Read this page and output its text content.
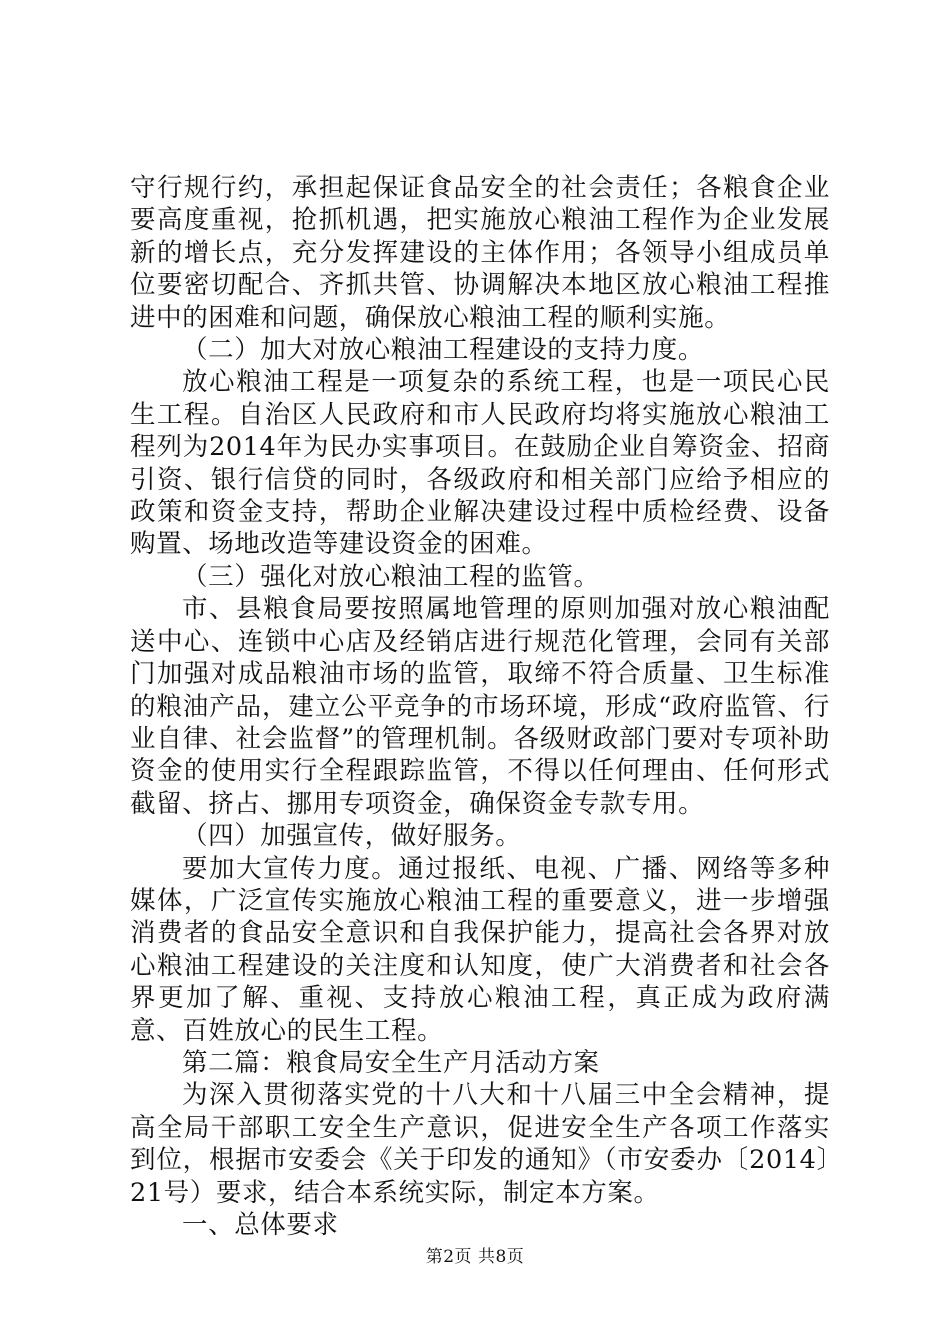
守行规行约，承担起保证食品安全的社会责任；各粮食企业要高度重视，抢抓机遇，把实施放心粮油工程作为企业发展新的增长点，充分发挥建设的主体作用；各领导小组成员单位要密切配合、齐抓共管、协调解决本地区放心粮油工程推进中的困难和问题，确保放心粮油工程的顺利实施。

（二）加大对放心粮油工程建设的支持力度。

放心粮油工程是一项复杂的系统工程，也是一项民心民生工程。自治区人民政府和市人民政府均将实施放心粮油工程列为2014年为民办实事项目。在鼓励企业自筹资金、招商引资、银行信贷的同时，各级政府和相关部门应给予相应的政策和资金支持，帮助企业解决建设过程中质检经费、设备购置、场地改造等建设资金的困难。

（三）强化对放心粮油工程的监管。

市、县粮食局要按照属地管理的原则加强对放心粮油配送中心、连锁中心店及经销店进行规范化管理，会同有关部门加强对成品粮油市场的监管，取缔不符合质量、卫生标准的粮油产品，建立公平竞争的市场环境，形成“政府监管、行业自律、社会监督”的管理机制。各级财政部门要对专项补助资金的使用实行全程跟踪监管，不得以任何理由、任何形式截留、挤占、挪用专项资金，确保资金专款专用。

（四）加强宣传，做好服务。

要加大宣传力度。通过报纸、电视、广播、网络等多种媒体，广泛宣传实施放心粮油工程的重要意义，进一步增强消费者的食品安全意识和自我保护能力，提高社会各界对放心粮油工程建设的关注度和认知度，使广大消费者和社会各界更加了解、重视、支持放心粮油工程，真正成为政府满意、百姓放心的民生工程。

第二篇：粮食局安全生产月活动方案

为深入贯彻落实党的十八大和十八届三中全会精神，提高全局干部职工安全生产意识，促进安全生产各项工作落实到位，根据市安委会《关于印发的通知》（市安委办〔2014〕21号）要求，结合本系统实际，制定本方案。

一、总体要求

第2页 共8页
